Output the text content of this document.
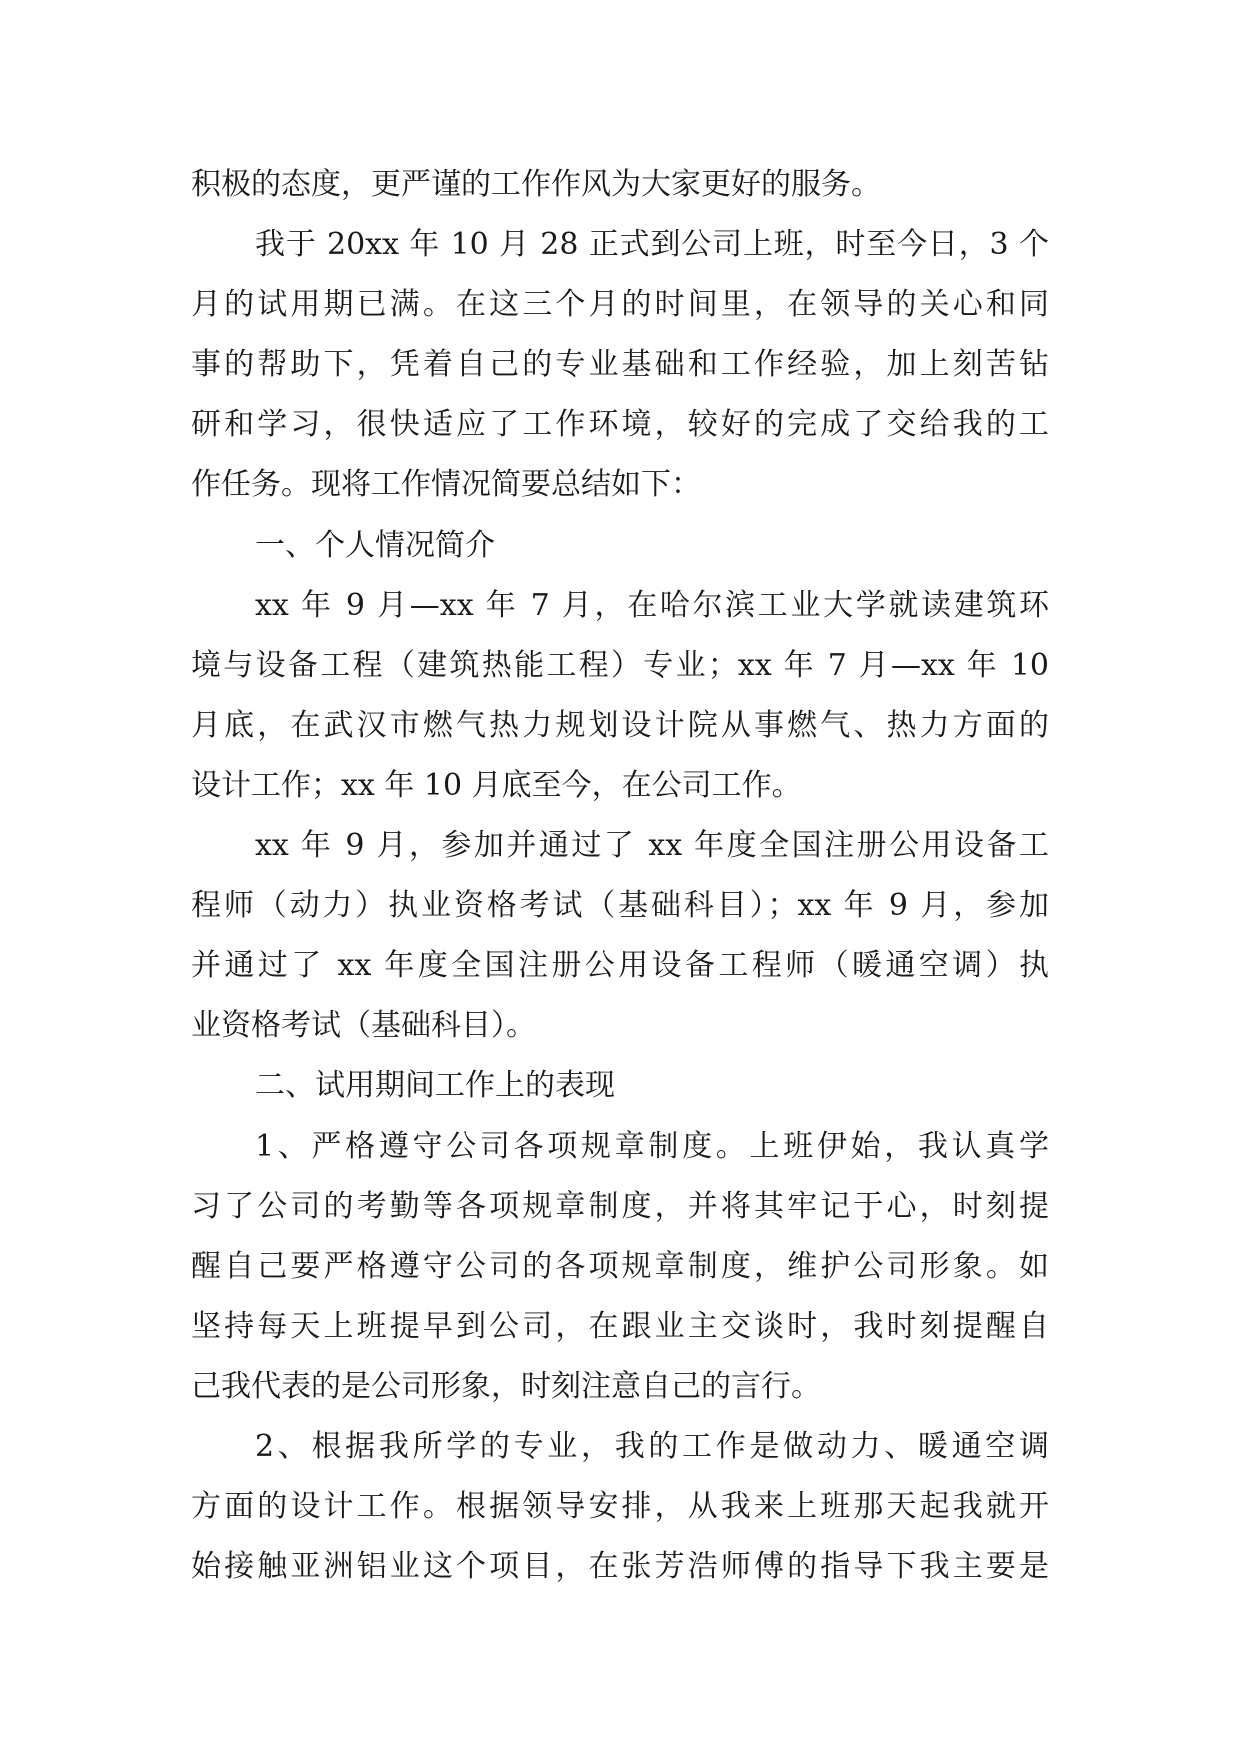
积极的态度，更严谨的工作作风为大家更好的服务。
我于 20xx 年 10 月 28 正式到公司上班，时至今日，3 个
月的试用期已满。在这三个月的时间里，在领导的关心和同
事的帮助下，凭着自己的专业基础和工作经验，加上刻苦钻
研和学习，很快适应了工作环境，较好的完成了交给我的工
作任务。现将工作情况简要总结如下：
一、个人情况简介
xx 年 9 月—xx 年 7 月，在哈尔滨工业大学就读建筑环
境与设备工程（建筑热能工程）专业；xx 年 7 月—xx 年 10
月底，在武汉市燃气热力规划设计院从事燃气、热力方面的
设计工作；xx 年 10 月底至今，在公司工作。
xx 年 9 月，参加并通过了 xx 年度全国注册公用设备工
程师（动力）执业资格考试（基础科目）；xx 年 9 月，参加
并通过了 xx 年度全国注册公用设备工程师（暖通空调）执
业资格考试（基础科目）。
二、试用期间工作上的表现
1、严格遵守公司各项规章制度。上班伊始，我认真学
习了公司的考勤等各项规章制度，并将其牢记于心，时刻提
醒自己要严格遵守公司的各项规章制度，维护公司形象。如
坚持每天上班提早到公司，在跟业主交谈时，我时刻提醒自
己我代表的是公司形象，时刻注意自己的言行。
2、根据我所学的专业，我的工作是做动力、暖通空调
方面的设计工作。根据领导安排，从我来上班那天起我就开
始接触亚洲铝业这个项目，在张芳浩师傅的指导下我主要是
